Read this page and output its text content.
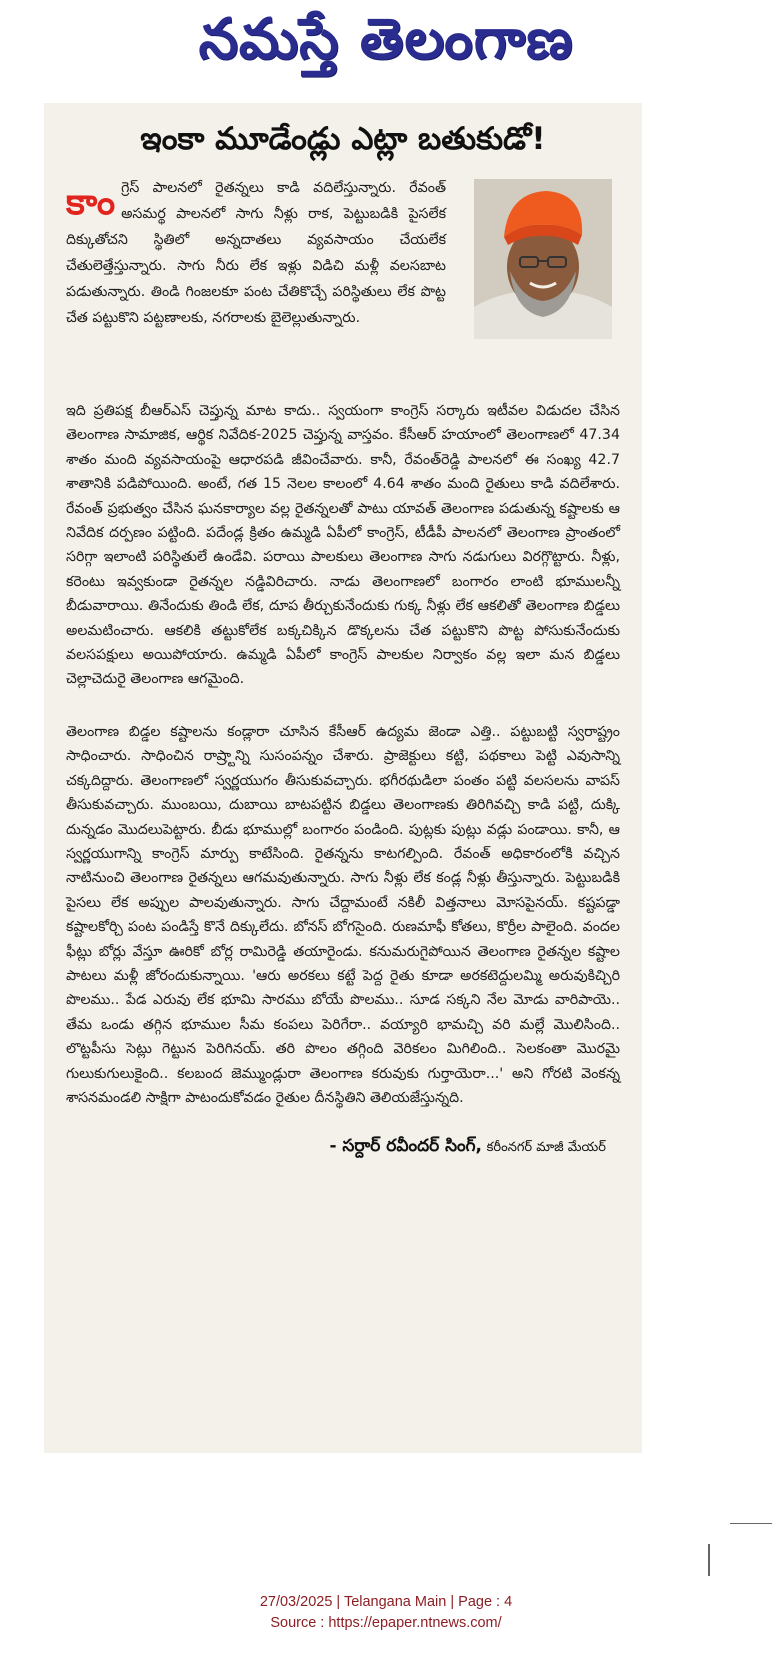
నమస్తే తెలంగాణ
ఇంకా మూడేండ్లు ఎట్లా బతుకుడో!
కాంగ్రెస్ పాలనలో రైతన్నలు కాడి వదిలేస్తున్నారు. రేవంత్ అసమర్థ పాలనలో సాగు నీళ్లు రాక, పెట్టుబడికి పైసలేక దిక్కుతోచని స్థితిలో అన్నదాతలు వ్యవసాయం చేయలేక చేతులెత్తేస్తున్నారు. సాగు నీరు లేక ఇళ్లు విడిచి మళ్లీ వలసబాట పడుతున్నారు. తిండి గింజలకూ పంట చేతికొచ్చే పరిస్థితులు లేక పొట్ట చేత పట్టుకొని పట్టణాలకు, నగరాలకు బైలెల్లుతున్నారు.

ఇది ప్రతిపక్ష బీఆర్ఎస్ చెప్తున్న మాట కాదు.. స్వయంగా కాంగ్రెస్ సర్కారు ఇటీవల విడుదల చేసిన తెలంగాణ సామాజిక, ఆర్థిక నివేదిక-2025 చెప్తున్న వాస్తవం. కేసీఆర్ హయాంలో తెలంగాణలో 47.34 శాతం మంది వ్యవసాయంపై ఆధారపడి జీవించేవారు. కానీ, రేవంత్‌రెడ్డి పాలనలో ఈ సంఖ్య 42.7 శాతానికి పడిపోయింది. అంటే, గత 15 నెలల కాలంలో 4.64 శాతం మంది రైతులు కాడి వదిలేశారు. రేవంత్ ప్రభుత్వం చేసిన ఘనకార్యాల వల్ల రైతన్నలతో పాటు యావత్ తెలంగాణ పడుతున్న కష్టాలకు ఆ నివేదిక దర్పణం పట్టింది. పదేండ్ల క్రితం ఉమ్మడి ఏపీలో కాంగ్రెస్, టీడీపీ పాలనలో తెలంగాణ ప్రాంతంలో సరిగ్గా ఇలాంటి పరిస్థితులే ఉండేవి. పరాయి పాలకులు తెలంగాణ సాగు నడుగులు విరగ్గొట్టారు. నీళ్లు, కరెంటు ఇవ్వకుండా రైతన్నల నడ్డివిరిచారు. నాడు తెలంగాణలో బంగారం లాంటి భూములన్నీ బీడువారాయి. తినేందుకు తిండి లేక, దూప తీర్చుకునేందుకు గుక్క నీళ్లు లేక ఆకలితో తెలంగాణ బిడ్డలు అలమటించారు. ఆకలికి తట్టుకోలేక బక్కచిక్కిన డొక్కలను చేత పట్టుకొని పొట్ట పోసుకునేందుకు వలసపక్షులు అయిపోయారు. ఉమ్మడి ఏపీలో కాంగ్రెస్ పాలకుల నిర్వాకం వల్ల ఇలా మన బిడ్డలు చెల్లాచెదురై తెలంగాణ ఆగమైంది.

తెలంగాణ బిడ్డల కష్టాలను కండ్లారా చూసిన కేసీఆర్ ఉద్యమ జెండా ఎత్తి.. పట్టుబట్టి స్వరాష్ట్రం సాధించారు. సాధించిన రాష్ర్టాన్ని సుసంపన్నం చేశారు. ప్రాజెక్టులు కట్టి, పథకాలు పెట్టి ఎవుసాన్ని చక్కదిద్దారు. తెలంగాణలో స్వర్ణయుగం తీసుకువచ్చారు. భగీరథుడిలా పంతం పట్టి వలసలను వాపస్ తీసుకువచ్చారు. ముంబయి, దుబాయి బాటపట్టిన బిడ్డలు తెలంగాణకు తిరిగివచ్చి కాడి పట్టి, దుక్కి దున్నడం మొదలుపెట్టారు. బీడు భూముల్లో బంగారం పండింది. పుట్లకు పుట్లు వడ్లు పండాయి. కానీ, ఆ స్వర్ణయుగాన్ని కాంగ్రెస్ మార్పు కాటేసింది. రైతన్నను కాటగల్పింది. రేవంత్ అధికారంలోకి వచ్చిన నాటినుంచి తెలంగాణ రైతన్నలు ఆగమవుతున్నారు. సాగు నీళ్లు లేక కండ్ల నీళ్లు తీస్తున్నారు. పెట్టుబడికి పైసలు లేక అప్పుల పాలవుతున్నారు. సాగు చేద్దామంటే నకిలీ విత్తనాలు మోసపైనయ్. కష్టపడ్డా కష్టాలకోర్చి పంట పండిస్తే కొనే దిక్కులేదు. బోనస్ బోగసైంది. రుణమాఫీ కోతలు, కొర్రీల పాలైంది. వందల ఫీట్లు బోర్లు వేస్తూ ఊరికో బోర్ల రామిరెడ్డి తయారైండు. కనుమరుగైపోయిన తెలంగాణ రైతన్నల కష్టాల పాటలు మళ్లీ జోరందుకున్నాయి. 'ఆరు అరకలు కట్టే పెద్ద రైతు కూడా అరకటెద్దులమ్మి అరువుకిచ్చిరి పొలము.. పేడ ఎరువు లేక భూమి సారము బోయే పొలము.. సూడ సక్కని నేల మోడు వారిపాయె.. తేమ ఒండు తగ్గిన భూముల సీమ కంపలు పెరిగేరా.. వయ్యారి భామచ్చి వరి మల్లే మొలిసింది.. లొట్టపీసు సెట్లు గెట్టున పెరిగినయ్. తరి పొలం తగ్గింది వెరికలం మిగిలింది.. సెలకంతా మొరమై గులుకుగులుకైంది.. కలబంద జెమ్ముండ్లురా తెలంగాణ కరువుకు గుర్తాయెరా...' అని గోరటి వెంకన్న శాసనమండలి సాక్షిగా పాటందుకోవడం రైతుల దీనస్థితిని తెలియజేస్తున్నది.

- సర్దార్ రవీందర్ సింగ్, కరీంనగర్ మాజీ మేయర్
27/03/2025 | Telangana Main | Page : 4
Source : https://epaper.ntnews.com/
